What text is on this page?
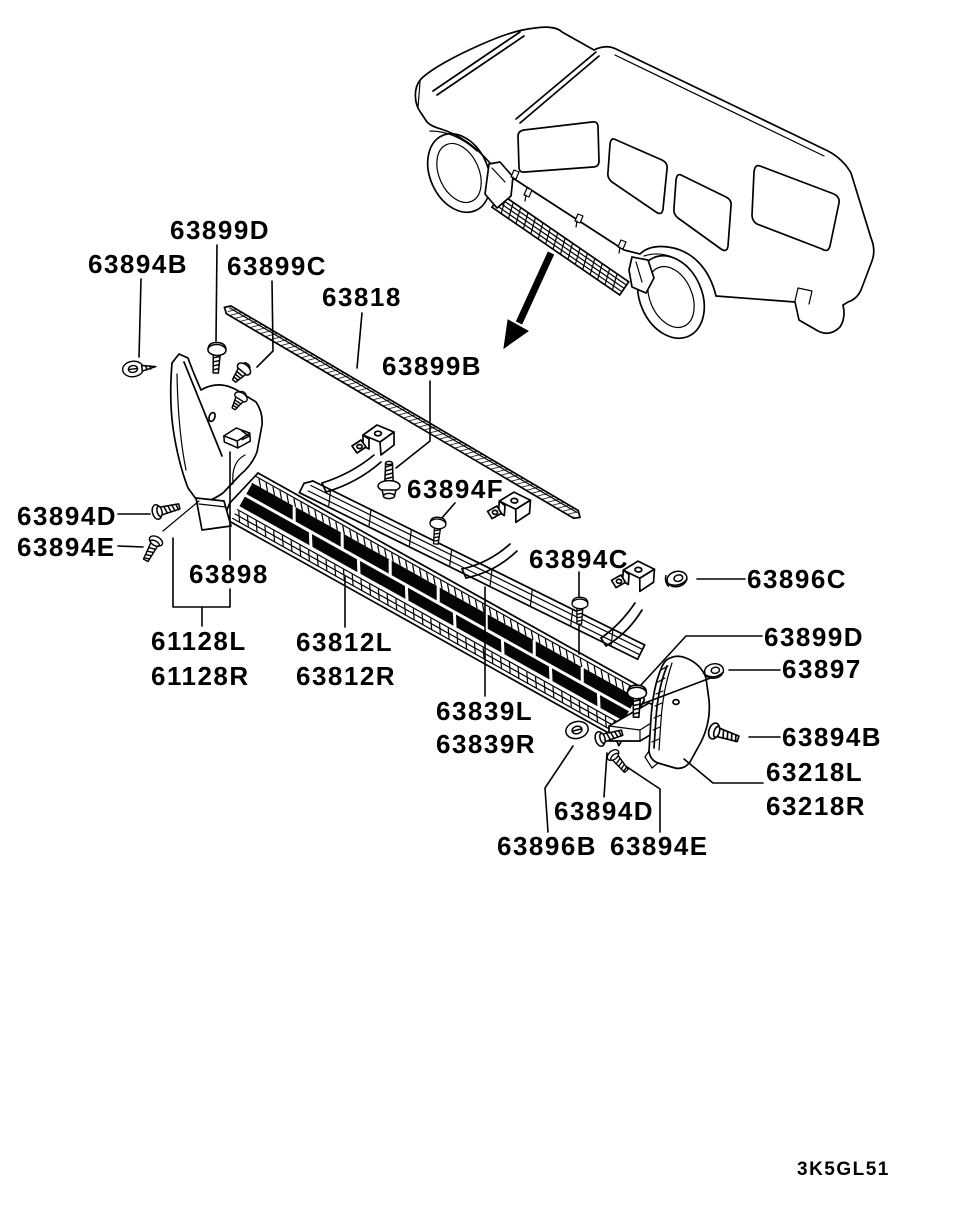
63899D
63894B 63899C
63818
63899B
63894F
63894D
63894E	63894C
63898	63896C
61128L
61128R
63812L
63812R
63899D
63897
63839L
63839R	63894B
63218L
63218R
63894D
63896B 63894E
3K5GL51
